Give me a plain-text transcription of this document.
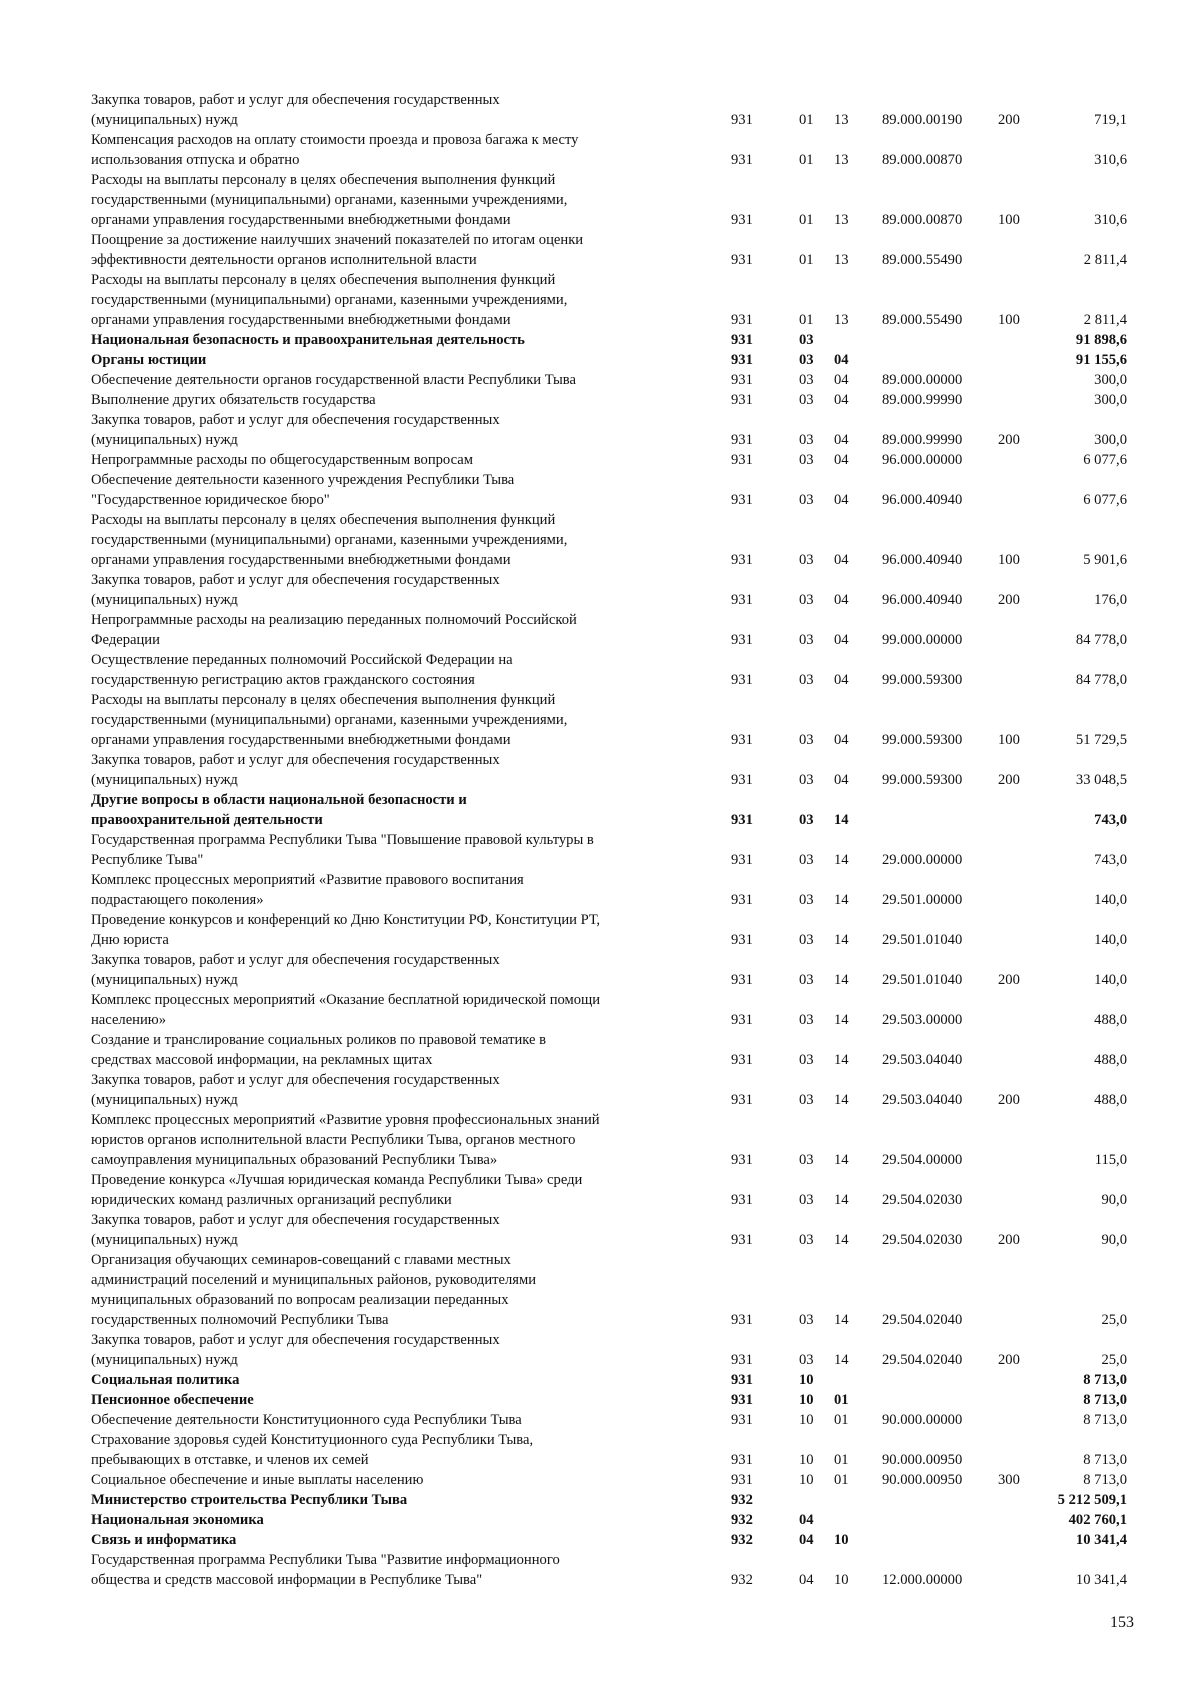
Закупка товаров, работ и услуг для обеспечения государственных
(муниципальных) нужд	931	01	13	89.000.00190	200	719,1
Компенсация расходов на оплату стоимости проезда и провоза багажа к месту
использования отпуска и обратно	931	01	13	89.000.00870		310,6
Расходы на выплаты персоналу в целях обеспечения выполнения функций
государственными (муниципальными) органами, казенными учреждениями,
органами управления государственными внебюджетными фондами	931	01	13	89.000.00870	100	310,6
Поощрение за достижение наилучших значений показателей по итогам оценки
эффективности деятельности органов исполнительной власти	931	01	13	89.000.55490		2 811,4
Расходы на выплаты персоналу в целях обеспечения выполнения функций
государственными (муниципальными) органами, казенными учреждениями,
органами управления государственными внебюджетными фондами	931	01	13	89.000.55490	100	2 811,4
Национальная безопасность и правоохранительная деятельность	931	03				91 898,6
Органы юстиции	931	03	04			91 155,6
Обеспечение деятельности органов государственной власти Республики Тыва	931	03	04	89.000.00000		300,0
Выполнение других обязательств государства	931	03	04	89.000.99990		300,0
Закупка товаров, работ и услуг для обеспечения государственных
(муниципальных) нужд	931	03	04	89.000.99990	200	300,0
Непрограммные расходы по общегосударственным вопросам	931	03	04	96.000.00000		6 077,6
Обеспечение деятельности казенного учреждения Республики Тыва
"Государственное юридическое бюро"	931	03	04	96.000.40940		6 077,6
Расходы на выплаты персоналу в целях обеспечения выполнения функций
государственными (муниципальными) органами, казенными учреждениями,
органами управления государственными внебюджетными фондами	931	03	04	96.000.40940	100	5 901,6
Закупка товаров, работ и услуг для обеспечения государственных
(муниципальных) нужд	931	03	04	96.000.40940	200	176,0
Непрограммные расходы на реализацию переданных полномочий Российской
Федерации	931	03	04	99.000.00000		84 778,0
Осуществление переданных полномочий Российской Федерации на
государственную регистрацию актов гражданского состояния	931	03	04	99.000.59300		84 778,0
Расходы на выплаты персоналу в целях обеспечения выполнения функций
государственными (муниципальными) органами, казенными учреждениями,
органами управления государственными внебюджетными фондами	931	03	04	99.000.59300	100	51 729,5
Закупка товаров, работ и услуг для обеспечения государственных
(муниципальных) нужд	931	03	04	99.000.59300	200	33 048,5
Другие вопросы в области национальной безопасности и
правоохранительной деятельности	931	03	14			743,0
Государственная программа Республики Тыва "Повышение правовой культуры в
Республике Тыва"	931	03	14	29.000.00000		743,0
Комплекс процессных мероприятий «Развитие правового воспитания
подрастающего поколения»	931	03	14	29.501.00000		140,0
Проведение конкурсов и конференций ко Дню Конституции РФ, Конституции РТ,
Дню юриста	931	03	14	29.501.01040		140,0
Закупка товаров, работ и услуг для обеспечения государственных
(муниципальных) нужд	931	03	14	29.501.01040	200	140,0
Комплекс процессных мероприятий «Оказание бесплатной юридической помощи
населению»	931	03	14	29.503.00000		488,0
Создание и транслирование социальных роликов по правовой тематике в
средствах массовой информации, на рекламных щитах	931	03	14	29.503.04040		488,0
Закупка товаров, работ и услуг для обеспечения государственных
(муниципальных) нужд	931	03	14	29.503.04040	200	488,0
Комплекс процессных мероприятий «Развитие уровня профессиональных знаний
юристов органов исполнительной власти Республики Тыва, органов местного
самоуправления муниципальных образований Республики Тыва»	931	03	14	29.504.00000		115,0
Проведение конкурса «Лучшая юридическая команда Республики Тыва» среди
юридических команд различных организаций республики	931	03	14	29.504.02030		90,0
Закупка товаров, работ и услуг для обеспечения государственных
(муниципальных) нужд	931	03	14	29.504.02030	200	90,0
Организация обучающих семинаров-совещаний с главами местных
администраций поселений и муниципальных районов, руководителями
муниципальных образований по вопросам реализации переданных
государственных полномочий Республики Тыва	931	03	14	29.504.02040		25,0
Закупка товаров, работ и услуг для обеспечения государственных
(муниципальных) нужд	931	03	14	29.504.02040	200	25,0
Социальная политика	931	10				8 713,0
Пенсионное обеспечение	931	10	01			8 713,0
Обеспечение деятельности Конституционного суда Республики Тыва	931	10	01	90.000.00000		8 713,0
Страхование здоровья судей Конституционного суда Республики Тыва,
пребывающих в отставке, и членов их семей	931	10	01	90.000.00950		8 713,0
Социальное обеспечение и иные выплаты населению	931	10	01	90.000.00950	300	8 713,0
Министерство строительства Республики Тыва	932					5 212 509,1
Национальная экономика	932	04				402 760,1
Связь и информатика	932	04	10			10 341,4
Государственная программа Республики Тыва "Развитие информационного
общества и средств массовой информации в Республике Тыва"	932	04	10	12.000.00000		10 341,4
153
